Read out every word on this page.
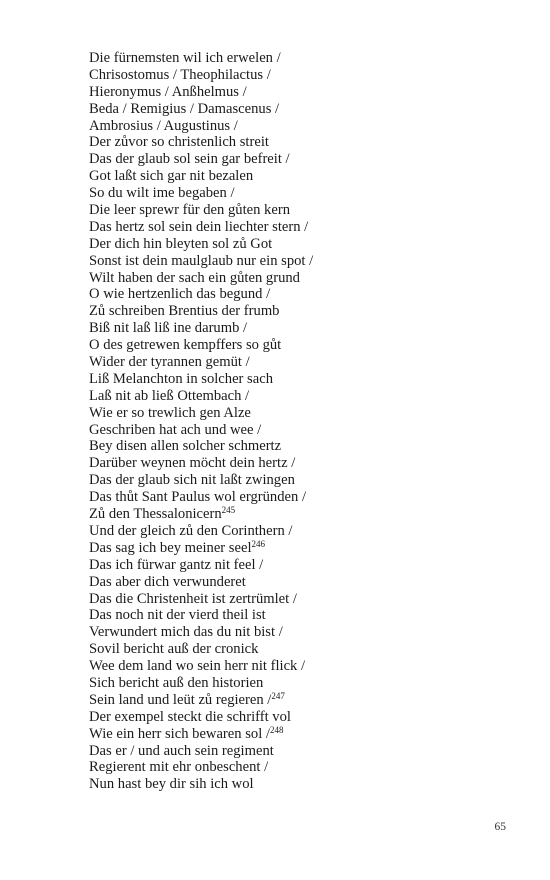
Die fürnemsten wil ich erwelen /
Chrisostomus / Theophilactus /
Hieronymus / Anßhelmus /
Beda / Remigius / Damascenus /
Ambrosius / Augustinus /
Der zůvor so christenlich streit
Das der glaub sol sein gar befreit /
Got laßt sich gar nit bezalen
So du wilt ime begaben /
Die leer sprewr für den gůten kern
Das hertz sol sein dein liechter stern /
Der dich hin bleyten sol zů Got
Sonst ist dein maulglaub nur ein spot /
Wilt haben der sach ein gůten grund
O wie hertzenlich das begund /
Zů schreiben Brentius der frumb
Biß nit laß liß ine darumb /
O des getrewen kempffers so gůt
Wider der tyrannen gemüt /
Liß Melanchton in solcher sach
Laß nit ab ließ Ottembach /
Wie er so trewlich gen Alze
Geschriben hat ach und wee /
Bey disen allen solcher schmertz
Darüber weynen möcht dein hertz /
Das der glaub sich nit laßt zwingen
Das thůt Sant Paulus wol ergründen /
Zů den Thessalonicern$^{245}$
Und der gleich zů den Corinthern /
Das sag ich bey meiner seel$^{246}$
Das ich fürwar gantz nit feel /
Das aber dich verwunderet
Das die Christenheit ist zertrümlet /
Das noch nit der vierd theil ist
Verwundert mich das du nit bist /
Sovil bericht auß der cronick
Wee dem land wo sein herr nit flick /
Sich bericht auß den historien
Sein land und leüt zů regieren /$^{247}$
Der exempel steckt die schrifft vol
Wie ein herr sich bewaren sol /$^{248}$
Das er / und auch sein regiment
Regierent mit ehr onbeschent /
Nun hast bey dir sih ich wol
65
